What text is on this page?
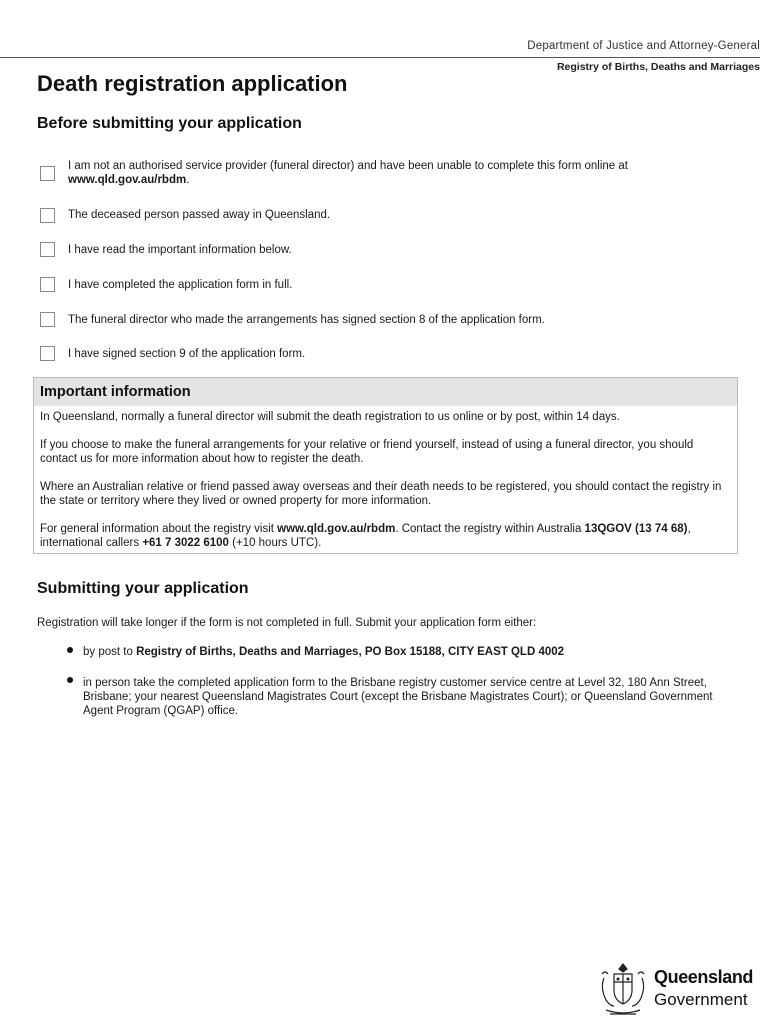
Department of Justice and Attorney-General
Registry of Births, Deaths and Marriages
Death registration application
Before submitting your application
I am not an authorised service provider (funeral director) and have been unable to complete this form online at
www.qld.gov.au/rbdm.
The deceased person passed away in Queensland.
I have read the important information below.
I have completed the application form in full.
The funeral director who made the arrangements has signed section 8 of the application form.
I have signed section 9 of the application form.
Important information
In Queensland, normally a funeral director will submit the death registration to us online or by post, within 14 days.
If you choose to make the funeral arrangements for your relative or friend yourself, instead of using a funeral director, you should contact us for more information about how to register the death.
Where an Australian relative or friend passed away overseas and their death needs to be registered, you should contact the registry in the state or territory where they lived or owned property for more information.
For general information about the registry visit www.qld.gov.au/rbdm. Contact the registry within Australia 13QGOV (13 74 68), international callers +61 7 3022 6100 (+10 hours UTC).
Submitting your application
Registration will take longer if the form is not completed in full. Submit your application form either:
by post to Registry of Births, Deaths and Marriages, PO Box 15188, CITY EAST QLD 4002
in person take the completed application form to the Brisbane registry customer service centre at Level 32, 180 Ann Street, Brisbane; your nearest Queensland Magistrates Court (except the Brisbane Magistrates Court); or Queensland Government Agent Program (QGAP) office.
Queensland
Government
